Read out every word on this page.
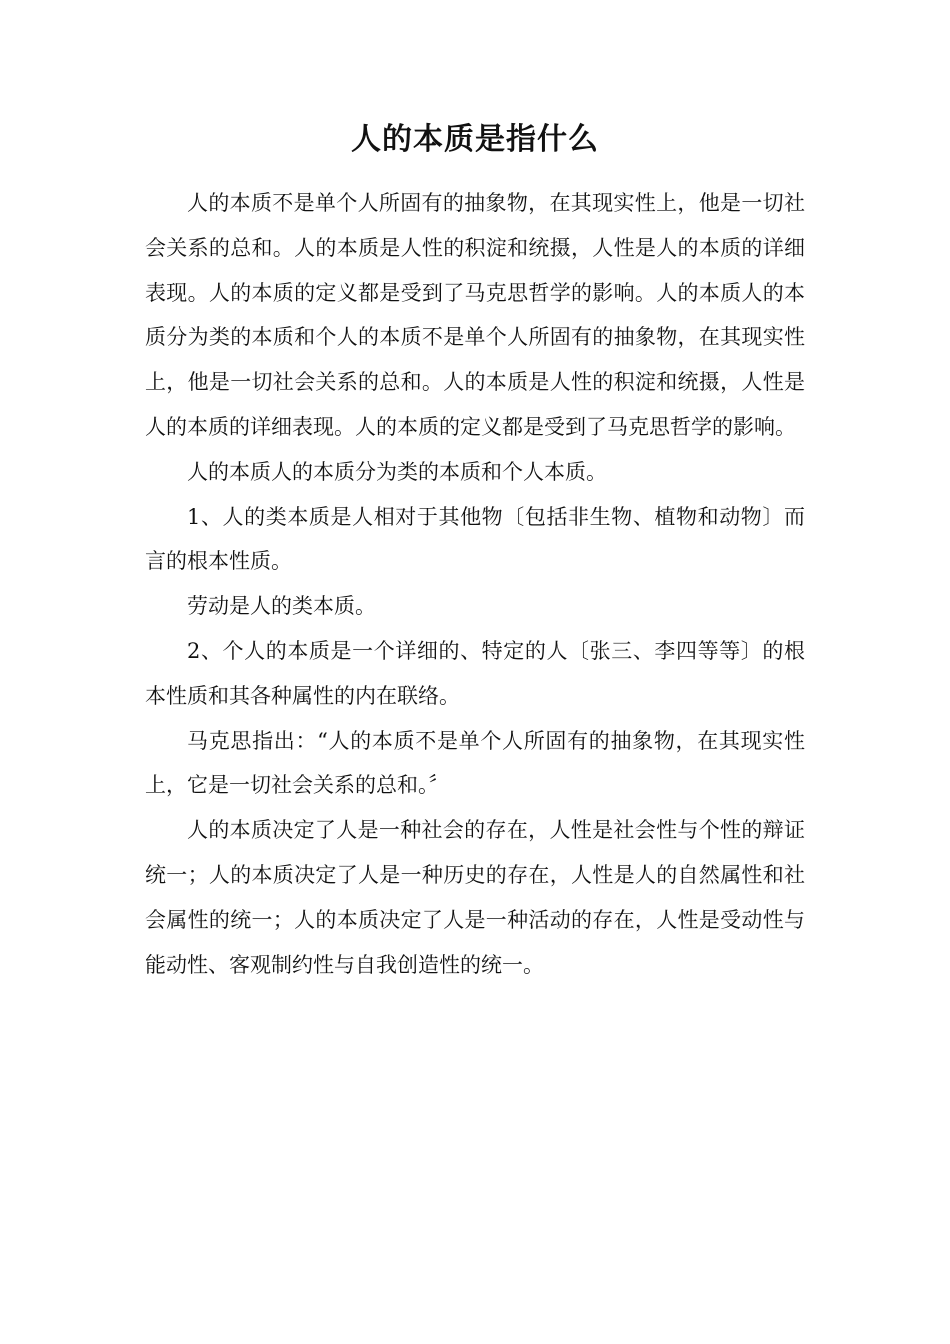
人的本质是指什么

人的本质不是单个人所固有的抽象物，在其现实性上，他是一切社会关系的总和。人的本质是人性的积淀和统摄，人性是人的本质的详细表现。人的本质的定义都是受到了马克思哲学的影响。人的本质人的本质分为类的本质和个人的本质不是单个人所固有的抽象物，在其现实性上，他是一切社会关系的总和。人的本质是人性的积淀和统摄，人性是人的本质的详细表现。人的本质的定义都是受到了马克思哲学的影响。

人的本质人的本质分为类的本质和个人本质。

1、人的类本质是人相对于其他物〔包括非生物、植物和动物〕而言的根本性质。

劳动是人的类本质。

2、个人的本质是一个详细的、特定的人〔张三、李四等等〕的根本性质和其各种属性的内在联络。

马克思指出：“人的本质不是单个人所固有的抽象物，在其现实性上，它是一切社会关系的总和。〞

人的本质决定了人是一种社会的存在，人性是社会性与个性的辩证统一；人的本质决定了人是一种历史的存在，人性是人的自然属性和社会属性的统一；人的本质决定了人是一种活动的存在，人性是受动性与能动性、客观制约性与自我创造性的统一。
